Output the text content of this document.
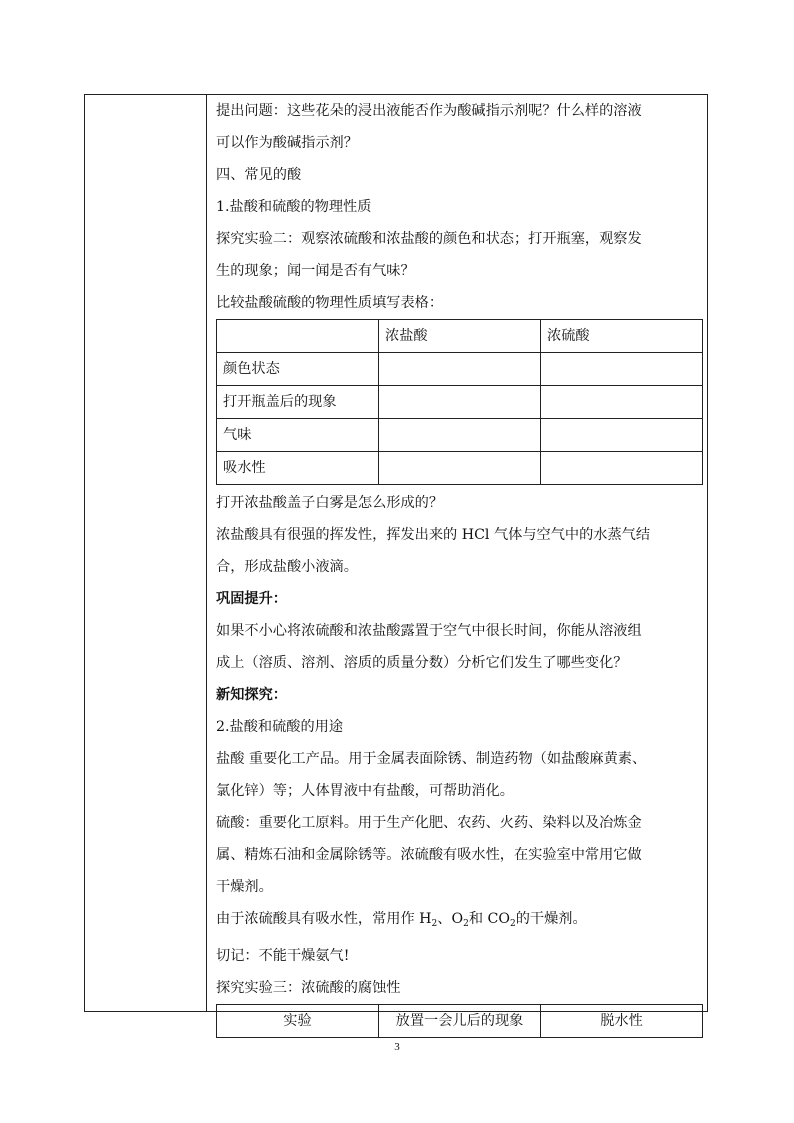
提出问题：这些花朵的浸出液能否作为酸碱指示剂呢？什么样的溶液
可以作为酸碱指示剂？
四、常见的酸
1.盐酸和硫酸的物理性质
探究实验二：观察浓硫酸和浓盐酸的颜色和状态；打开瓶塞，观察发
生的现象；闻一闻是否有气味？
比较盐酸硫酸的物理性质填写表格：
	浓盐酸	浓硫酸
颜色状态		
打开瓶盖后的现象		
气味		
吸水性		
打开浓盐酸盖子白雾是怎么形成的？
浓盐酸具有很强的挥发性，挥发出来的 HCl 气体与空气中的水蒸气结
合，形成盐酸小液滴。
巩固提升：
如果不小心将浓硫酸和浓盐酸露置于空气中很长时间，你能从溶液组
成上（溶质、溶剂、溶质的质量分数）分析它们发生了哪些变化？
新知探究：
2.盐酸和硫酸的用途
盐酸 重要化工产品。用于金属表面除锈、制造药物（如盐酸麻黄素、
氯化锌）等；人体胃液中有盐酸，可帮助消化。
硫酸：重要化工原料。用于生产化肥、农药、火药、染料以及冶炼金
属、精炼石油和金属除锈等。浓硫酸有吸水性，在实验室中常用它做
干燥剂。
由于浓硫酸具有吸水性，常用作 $H_2$、$O_2$和 $CO_2$的干燥剂。
切记：不能干燥氨气!
探究实验三：浓硫酸的腐蚀性
实验	放置一会儿后的现象	脱水性
3
